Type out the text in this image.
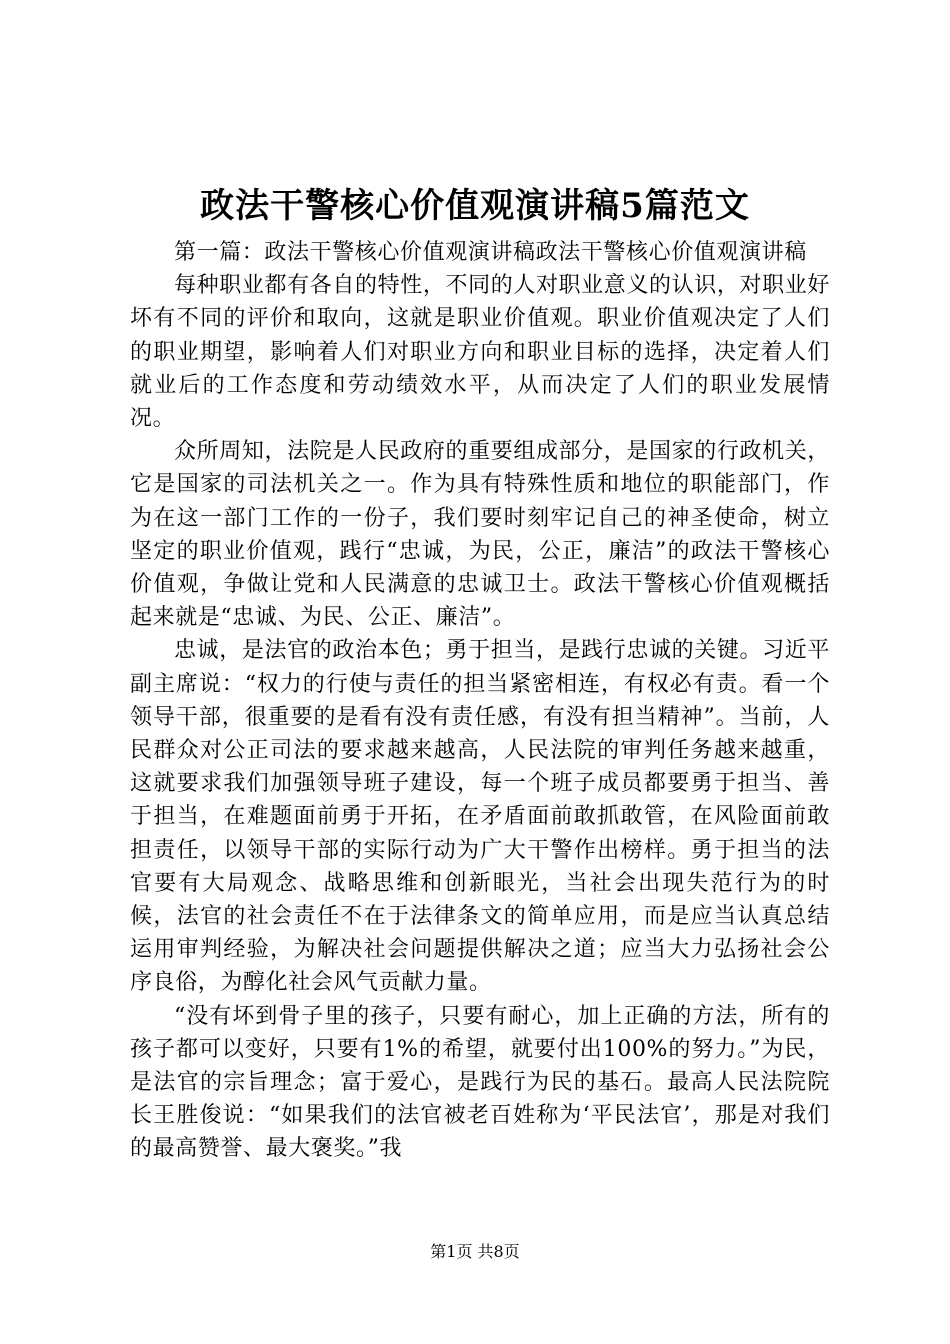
政法干警核心价值观演讲稿5篇范文

第一篇：政法干警核心价值观演讲稿政法干警核心价值观演讲稿

每种职业都有各自的特性，不同的人对职业意义的认识，对职业好坏有不同的评价和取向，这就是职业价值观。职业价值观决定了人们的职业期望，影响着人们对职业方向和职业目标的选择，决定着人们就业后的工作态度和劳动绩效水平，从而决定了人们的职业发展情况。

众所周知，法院是人民政府的重要组成部分，是国家的行政机关，它是国家的司法机关之一。作为具有特殊性质和地位的职能部门，作为在这一部门工作的一份子，我们要时刻牢记自己的神圣使命，树立坚定的职业价值观，践行“忠诚，为民，公正，廉洁”的政法干警核心价值观，争做让党和人民满意的忠诚卫士。政法干警核心价值观概括起来就是“忠诚、为民、公正、廉洁”。

忠诚，是法官的政治本色；勇于担当，是践行忠诚的关键。习近平副主席说：“权力的行使与责任的担当紧密相连，有权必有责。看一个领导干部，很重要的是看有没有责任感，有没有担当精神”。当前，人民群众对公正司法的要求越来越高，人民法院的审判任务越来越重，这就要求我们加强领导班子建设，每一个班子成员都要勇于担当、善于担当，在难题面前勇于开拓，在矛盾面前敢抓敢管，在风险面前敢担责任，以领导干部的实际行动为广大干警作出榜样。勇于担当的法官要有大局观念、战略思维和创新眼光，当社会出现失范行为的时候，法官的社会责任不在于法律条文的简单应用，而是应当认真总结运用审判经验，为解决社会问题提供解决之道；应当大力弘扬社会公序良俗，为醇化社会风气贡献力量。

“没有坏到骨子里的孩子，只要有耐心，加上正确的方法，所有的孩子都可以变好，只要有1%的希望，就要付出100%的努力。”为民，是法官的宗旨理念；富于爱心，是践行为民的基石。最高人民法院院长王胜俊说：“如果我们的法官被老百姓称为‘平民法官’，那是对我们的最高赞誉、最大褒奖。”我

第1页 共8页
